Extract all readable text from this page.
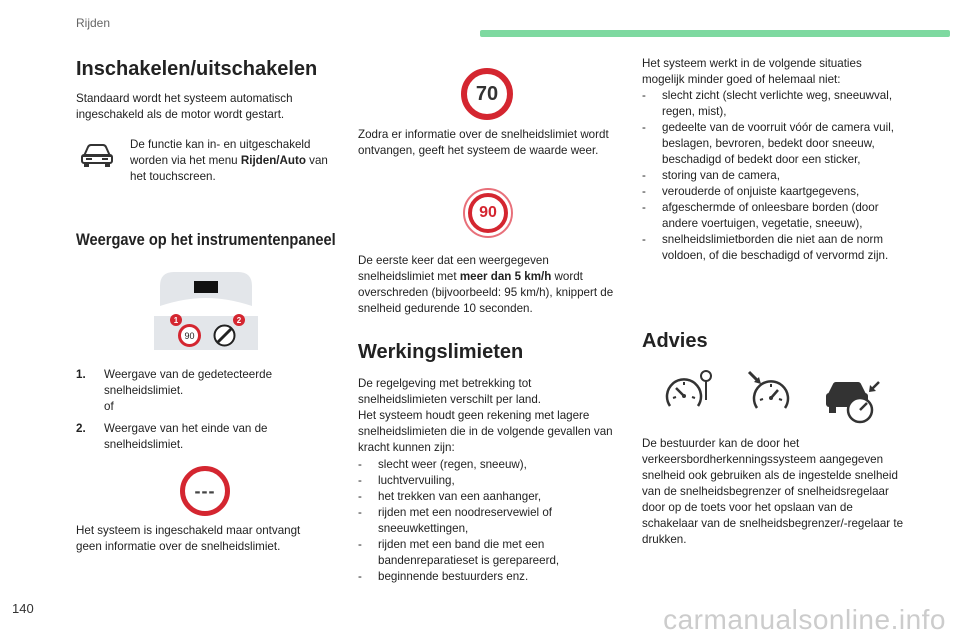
Rijden
140	carmanualsonline.info
Inschakelen/uitschakelen

Standaard wordt het systeem automatisch ingeschakeld als de motor wordt gestart.

De functie kan in- en uitgeschakeld worden via het menu Rijden/Auto van het touchscreen.

Weergave op het instrumentenpaneel
90
1	2
1. Weergave van de gedetecteerde snelheidslimiet.
of
2. Weergave van het einde van de snelheidslimiet.
---

Het systeem is ingeschakeld maar ontvangt geen informatie over de snelheidslimiet.

70

Zodra er informatie over de snelheidslimiet wordt ontvangen, geeft het systeem de waarde weer.

90

De eerste keer dat een weergegeven snelheidslimiet met meer dan 5 km/h wordt overschreden (bijvoorbeeld: 95 km/h), knippert de snelheid gedurende 10 seconden.

Werkingslimieten

De regelgeving met betrekking tot snelheidslimieten verschilt per land.
Het systeem houdt geen rekening met lagere snelheidslimieten die in de volgende gevallen van kracht kunnen zijn:

- slecht weer (regen, sneeuw),
- luchtvervuiling,
- het trekken van een aanhanger,
- rijden met een noodreservewiel of sneeuwkettingen,
- rijden met een band die met een bandenreparatieset is gerepareerd,
- beginnende bestuurders enz.

Het systeem werkt in de volgende situaties mogelijk minder goed of helemaal niet:

- slecht zicht (slecht verlichte weg, sneeuwval, regen, mist),
- gedeelte van de voorruit vóór de camera vuil, beslagen, bevroren, bedekt door sneeuw, beschadigd of bedekt door een sticker,
- storing van de camera,
- verouderde of onjuiste kaartgegevens,
- afgeschermde of onleesbare borden (door andere voertuigen, vegetatie, sneeuw),
- snelheidslimietborden die niet aan de norm voldoen, of die beschadigd of vervormd zijn.
Advies

De bestuurder kan de door het verkeersbordherkenningssysteem aangegeven snelheid ook gebruiken als de ingestelde snelheid van de snelheidsbegrenzer of snelheidsregelaar door op de toets voor het opslaan van de schakelaar van de snelheidsbegrenzer/-regelaar te drukken.
